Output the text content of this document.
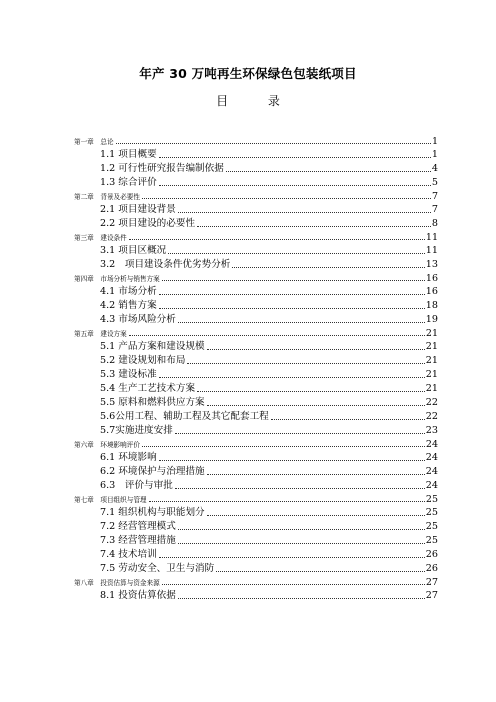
年产 30 万吨再生环保绿色包装纸项目
目 录
第一章　总论	1
1.1 项目概要	1
1.2 可行性研究报告编制依据	4
1.3 综合评价	5
第二章　背景及必要性	7
2.1 项目建设背景	7
2.2 项目建设的必要性	8
第三章　建设条件	11
3.1 项目区概况	11
3.2　项目建设条件优劣势分析	13
第四章　市场分析与销售方案	16
4.1 市场分析	16
4.2 销售方案	18
4.3 市场风险分析	19
第五章　建设方案	21
5.1 产品方案和建设规模	21
5.2 建设规划和布局	21
5.3 建设标准	21
5.4 生产工艺技术方案	21
5.5 原料和燃料供应方案	22
5.6公用工程、辅助工程及其它配套工程	22
5.7实施进度安排	23
第六章　环境影响评价	24
6.1 环境影响	24
6.2 环境保护与治理措施	24
6.3　评价与审批	24
第七章　项目组织与管理	25
7.1 组织机构与职能划分	25
7.2 经营管理模式	25
7.3 经营管理措施	25
7.4 技术培训	26
7.5 劳动安全、卫生与消防	26
第八章　投资估算与资金来源	27
8.1 投资估算依据	27
